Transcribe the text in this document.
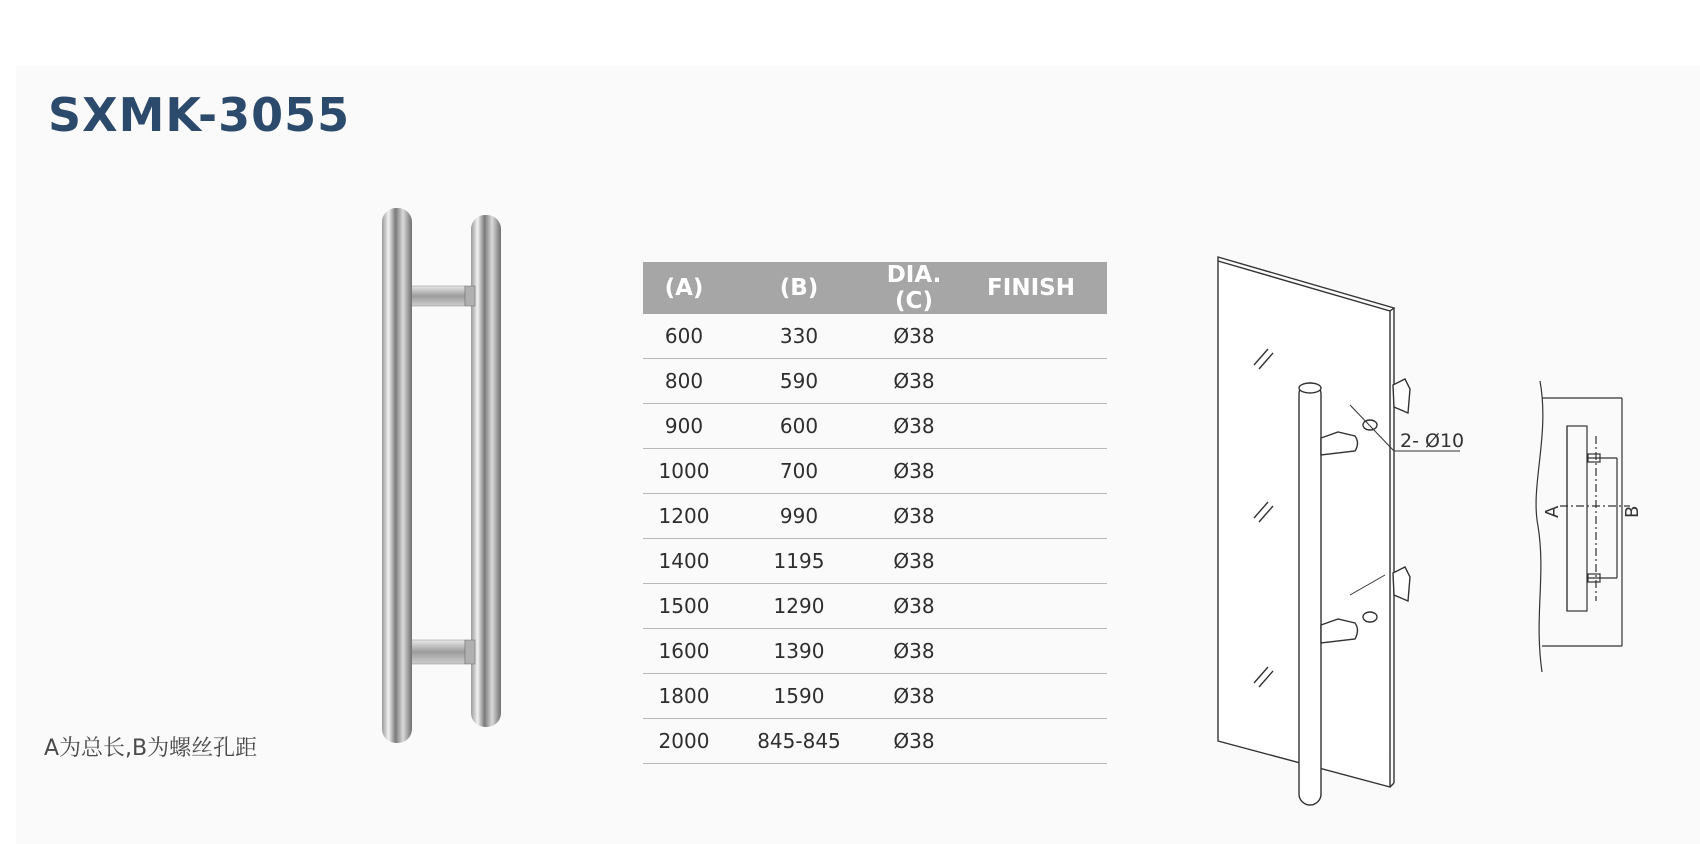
SXMK-3055
(A)	(B)	DIA.(C)	FINISH
600	330	Ø38	
800	590	Ø38	
900	600	Ø38	
1000	700	Ø38	
1200	990	Ø38	
1400	1195	Ø38	
1500	1290	Ø38	
1600	1390	Ø38	
1800	1590	Ø38	
2000	845-845	Ø38	
2- Ø10
A	B
A为总长,B为螺丝孔距
